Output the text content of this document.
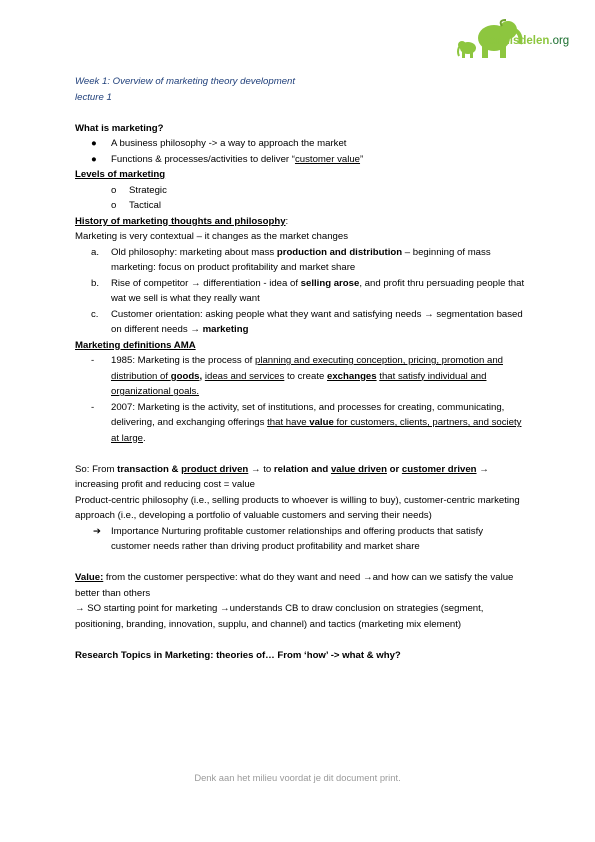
Kennisdelen.org

Week 1: Overview of marketing theory development

lecture 1

What is marketing?

●	A business philosophy -> a way to approach the market

●	Functions & processes/activities to deliver “customer value”

Levels of marketing

o	Strategic

o	Tactical

History of marketing thoughts and philosophy:

Marketing is very contextual – it changes as the market changes

a.	Old philosophy: marketing about mass production and distribution – beginning of mass marketing: focus on product profitability and market share

b.	Rise of competitor → differentiation - idea of selling arose, and profit thru persuading people that wat we sell is what they really want

c.	Customer orientation: asking people what they want and satisfying needs → segmentation based on different needs → marketing

Marketing definitions AMA

-	1985: Marketing is the process of planning and executing conception, pricing, promotion and distribution of goods, ideas and services to create exchanges that satisfy individual and organizational goals.

-	2007: Marketing is the activity, set of institutions, and processes for creating, communicating, delivering, and exchanging offerings that have value for customers, clients, partners, and society at large.

So: From transaction & product driven → to relation and value driven or customer driven → increasing profit and reducing cost = value

Product-centric philosophy (i.e., selling products to whoever is willing to buy), customer-centric marketing approach (i.e., developing a portfolio of valuable customers and serving their needs)

➔	Importance Nurturing profitable customer relationships and offering products that satisfy customer needs rather than driving product profitability and market share

Value: from the customer perspective: what do they want and need →and how can we satisfy the value better than others

→ SO starting point for marketing →understands CB to draw conclusion on strategies (segment, positioning, branding, innovation, supplu, and channel) and tactics (marketing mix element)

Research Topics in Marketing: theories of… From ‘how’ -> what & why?

Denk aan het milieu voordat je dit document print.
